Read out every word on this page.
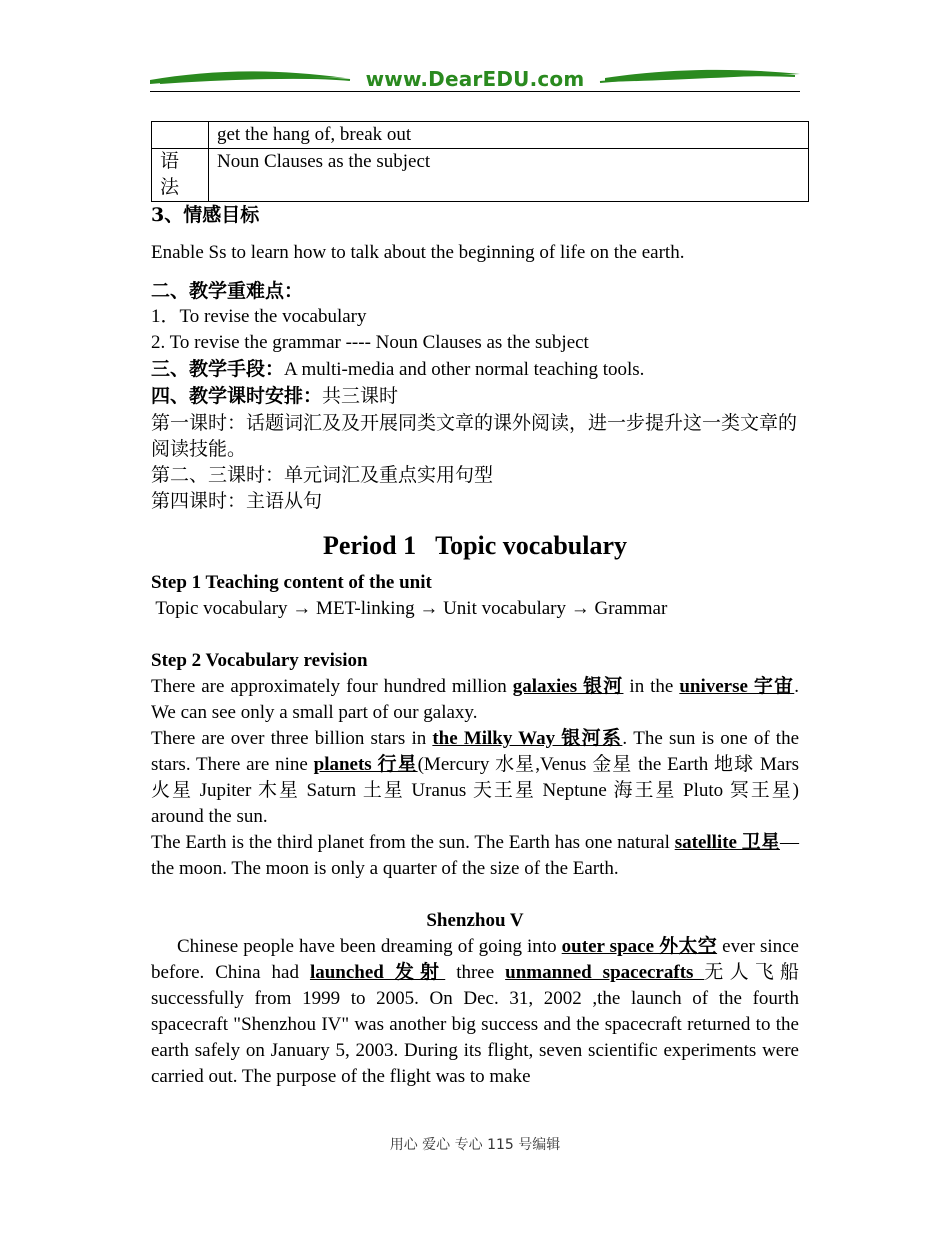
www.DearEDU.com
	get the hang of, break out
语
法	Noun Clauses as the subject

3、情感目标

Enable Ss to learn how to talk about the beginning of life on the earth.

二、教学重难点：

1．To revise the vocabulary

2. To revise the grammar ---- Noun Clauses as the subject

三、教学手段：A multi-media and other normal teaching tools.

四、教学课时安排：共三课时

第一课时：话题词汇及及开展同类文章的课外阅读，进一步提升这一类文章的阅读技能。

第二、三课时：单元词汇及重点实用句型

第四课时：主语从句

Period 1   Topic vocabulary

Step 1 Teaching content of the unit

Topic vocabulary → MET-linking → Unit vocabulary → Grammar

Step 2 Vocabulary revision

There are approximately four hundred million galaxies 银河 in the universe 宇宙. We can see only a small part of our galaxy.

There are over three billion stars in the Milky Way 银河系. The sun is one of the stars. There are nine planets 行星(Mercury 水星,Venus 金星 the Earth 地球 Mars 火星 Jupiter 木星 Saturn 土星 Uranus 天王星 Neptune 海王星 Pluto 冥王星) around the sun.

The Earth is the third planet from the sun. The Earth has one natural satellite 卫星—the moon. The moon is only a quarter of the size of the Earth.

Shenzhou V

Chinese people have been dreaming of going into outer space 外太空 ever since before. China had launched 发射 three unmanned spacecrafts 无人飞船 successfully from 1999 to 2005. On Dec. 31, 2002 ,the launch of the fourth spacecraft "Shenzhou IV" was another big success and the spacecraft returned to the earth safely on January 5, 2003. During its flight, seven scientific experiments were carried out. The purpose of the flight was to make

用心 爱心 专心 115 号编辑
